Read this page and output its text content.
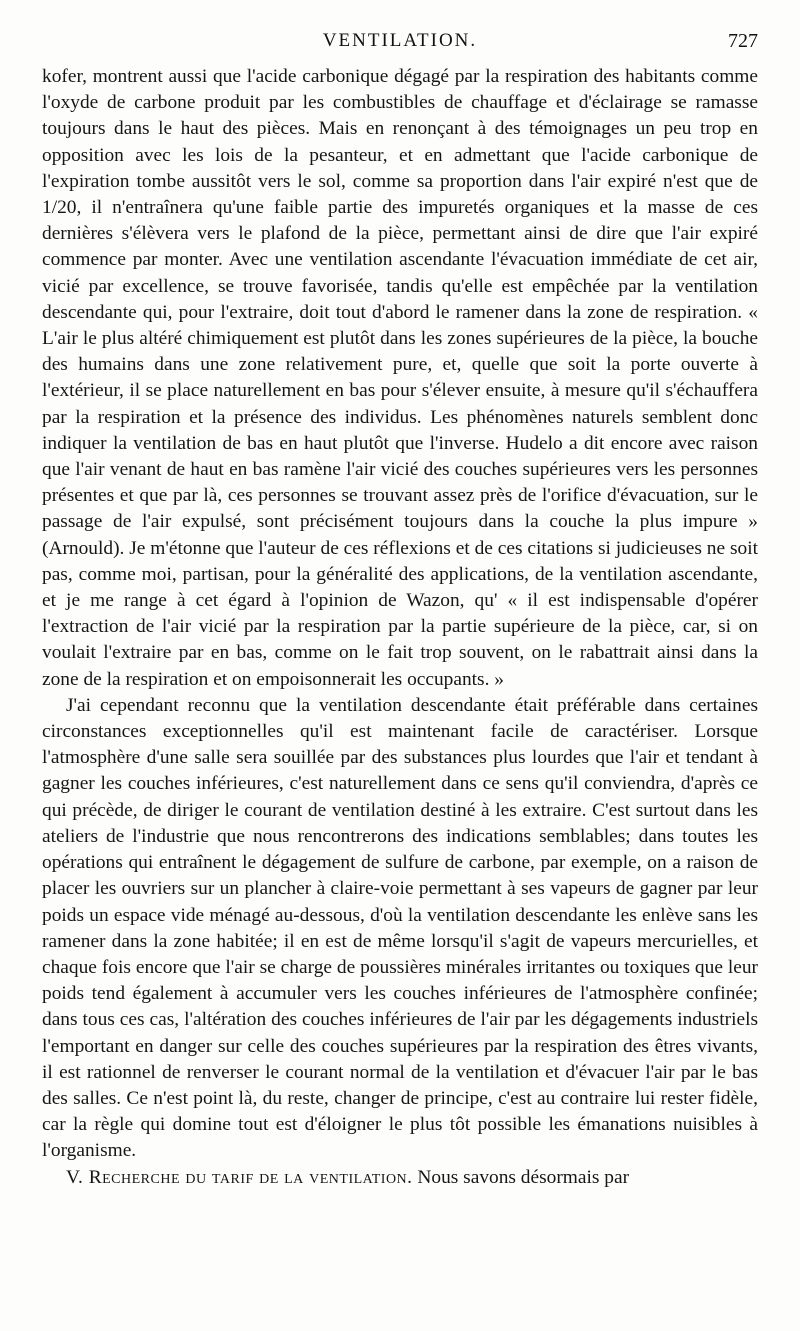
VENTILATION.	727

kofer, montrent aussi que l'acide carbonique dégagé par la respiration des habitants comme l'oxyde de carbone produit par les combustibles de chauffage et d'éclairage se ramasse toujours dans le haut des pièces. Mais en renonçant à des témoignages un peu trop en opposition avec les lois de la pesanteur, et en admettant que l'acide carbonique de l'expiration tombe aussitôt vers le sol, comme sa proportion dans l'air expiré n'est que de 1/20, il n'entraînera qu'une faible partie des impuretés organiques et la masse de ces dernières s'élèvera vers le plafond de la pièce, permettant ainsi de dire que l'air expiré commence par monter. Avec une ventilation ascendante l'évacuation immédiate de cet air, vicié par excellence, se trouve favorisée, tandis qu'elle est empêchée par la ventilation descendante qui, pour l'extraire, doit tout d'abord le ramener dans la zone de respiration. « L'air le plus altéré chimiquement est plutôt dans les zones supérieures de la pièce, la bouche des humains dans une zone relativement pure, et, quelle que soit la porte ouverte à l'extérieur, il se place naturellement en bas pour s'élever ensuite, à mesure qu'il s'échauffera par la respiration et la présence des individus. Les phénomènes naturels semblent donc indiquer la ventilation de bas en haut plutôt que l'inverse. Hudelo a dit encore avec raison que l'air venant de haut en bas ramène l'air vicié des couches supérieures vers les personnes présentes et que par là, ces personnes se trouvant assez près de l'orifice d'évacuation, sur le passage de l'air expulsé, sont précisément toujours dans la couche la plus impure » (Arnould). Je m'étonne que l'auteur de ces réflexions et de ces citations si judicieuses ne soit pas, comme moi, partisan, pour la généralité des applications, de la ventilation ascendante, et je me range à cet égard à l'opinion de Wazon, qu' « il est indispensable d'opérer l'extraction de l'air vicié par la respiration par la partie supérieure de la pièce, car, si on voulait l'extraire par en bas, comme on le fait trop souvent, on le rabattrait ainsi dans la zone de la respiration et on empoisonnerait les occupants. »

J'ai cependant reconnu que la ventilation descendante était préférable dans certaines circonstances exceptionnelles qu'il est maintenant facile de caractériser. Lorsque l'atmosphère d'une salle sera souillée par des substances plus lourdes que l'air et tendant à gagner les couches inférieures, c'est naturellement dans ce sens qu'il conviendra, d'après ce qui précède, de diriger le courant de ventilation destiné à les extraire. C'est surtout dans les ateliers de l'industrie que nous rencontrerons des indications semblables; dans toutes les opérations qui entraînent le dégagement de sulfure de carbone, par exemple, on a raison de placer les ouvriers sur un plancher à claire-voie permettant à ses vapeurs de gagner par leur poids un espace vide ménagé au-dessous, d'où la ventilation descendante les enlève sans les ramener dans la zone habitée; il en est de même lorsqu'il s'agit de vapeurs mercurielles, et chaque fois encore que l'air se charge de poussières minérales irritantes ou toxiques que leur poids tend également à accumuler vers les couches inférieures de l'atmosphère confinée; dans tous ces cas, l'altération des couches inférieures de l'air par les dégagements industriels l'emportant en danger sur celle des couches supérieures par la respiration des êtres vivants, il est rationnel de renverser le courant normal de la ventilation et d'évacuer l'air par le bas des salles. Ce n'est point là, du reste, changer de principe, c'est au contraire lui rester fidèle, car la règle qui domine tout est d'éloigner le plus tôt possible les émanations nuisibles à l'organisme.

V. Recherche du tarif de la ventilation. Nous savons désormais par
